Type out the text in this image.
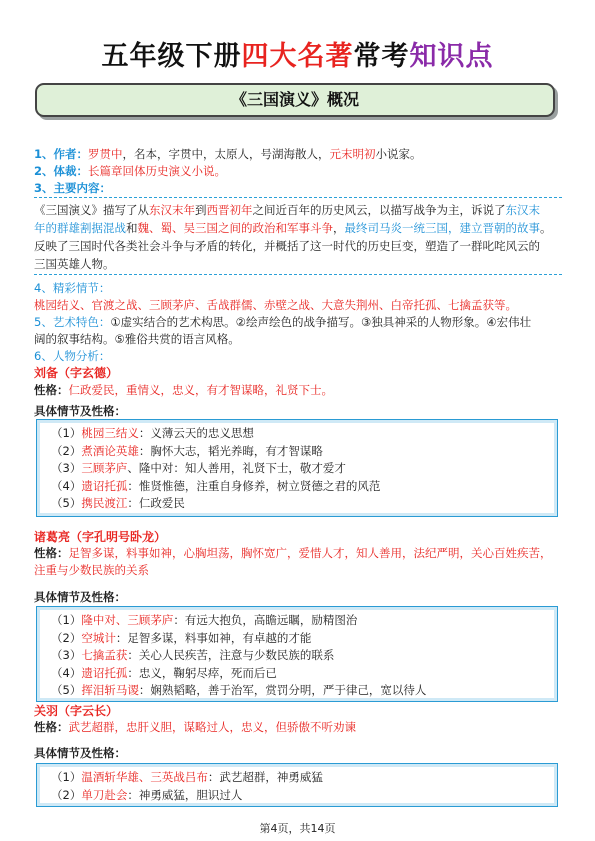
五年级下册四大名著常考知识点
《三国演义》概况
1、作者：罗贯中，名本，字贯中，太原人，号湖海散人，元末明初小说家。
2、体裁：长篇章回体历史演义小说。
3、主要内容：
《三国演义》描写了从东汉末年到西晋初年之间近百年的历史风云，以描写战争为主，诉说了东汉末
年的群雄割据混战和魏、蜀、吴三国之间的政治和军事斗争，最终司马炎一统三国，建立晋朝的故事。
反映了三国时代各类社会斗争与矛盾的转化，并概括了这一时代的历史巨变，塑造了一群叱咤风云的
三国英雄人物。
4、精彩情节：
桃园结义、官渡之战、三顾茅庐、舌战群儒、赤壁之战、大意失荆州、白帝托孤、七擒孟获等。
5、艺术特色：①虚实结合的艺术构思。②绘声绘色的战争描写。③独具神采的人物形象。④宏伟壮
阔的叙事结构。⑤雅俗共赏的语言风格。
6、人物分析：
刘备（字玄德）
性格：仁政爱民，重情义，忠义，有才智谋略，礼贤下士。
具体情节及性格：
（1）桃园三结义：义薄云天的忠义思想
（2）煮酒论英雄：胸怀大志，韬光养晦，有才智谋略
（3）三顾茅庐、隆中对：知人善用，礼贤下士，敬才爱才
（4）遗诏托孤：惟贤惟德，注重自身修养，树立贤德之君的风范
（5）携民渡江：仁政爱民
诸葛亮（字孔明号卧龙）
性格：足智多谋，料事如神，心胸坦荡，胸怀宽广，爱惜人才，知人善用，法纪严明，关心百姓疾苦，
注重与少数民族的关系
具体情节及性格：
（1）隆中对、三顾茅庐：有远大抱负，高瞻远瞩，励精图治
（2）空城计：足智多谋，料事如神，有卓越的才能
（3）七擒孟获：关心人民疾苦，注意与少数民族的联系
（4）遗诏托孤：忠义，鞠躬尽瘁，死而后已
（5）挥泪斩马谡：娴熟韬略，善于治军，赏罚分明，严于律己，宽以待人
关羽（字云长）
性格：武艺超群，忠肝义胆，谋略过人，忠义，但骄傲不听劝谏
具体情节及性格：
（1）温酒斩华雄、三英战吕布：武艺超群，神勇威猛
（2）单刀赴会：神勇威猛，胆识过人
第4页，共14页
